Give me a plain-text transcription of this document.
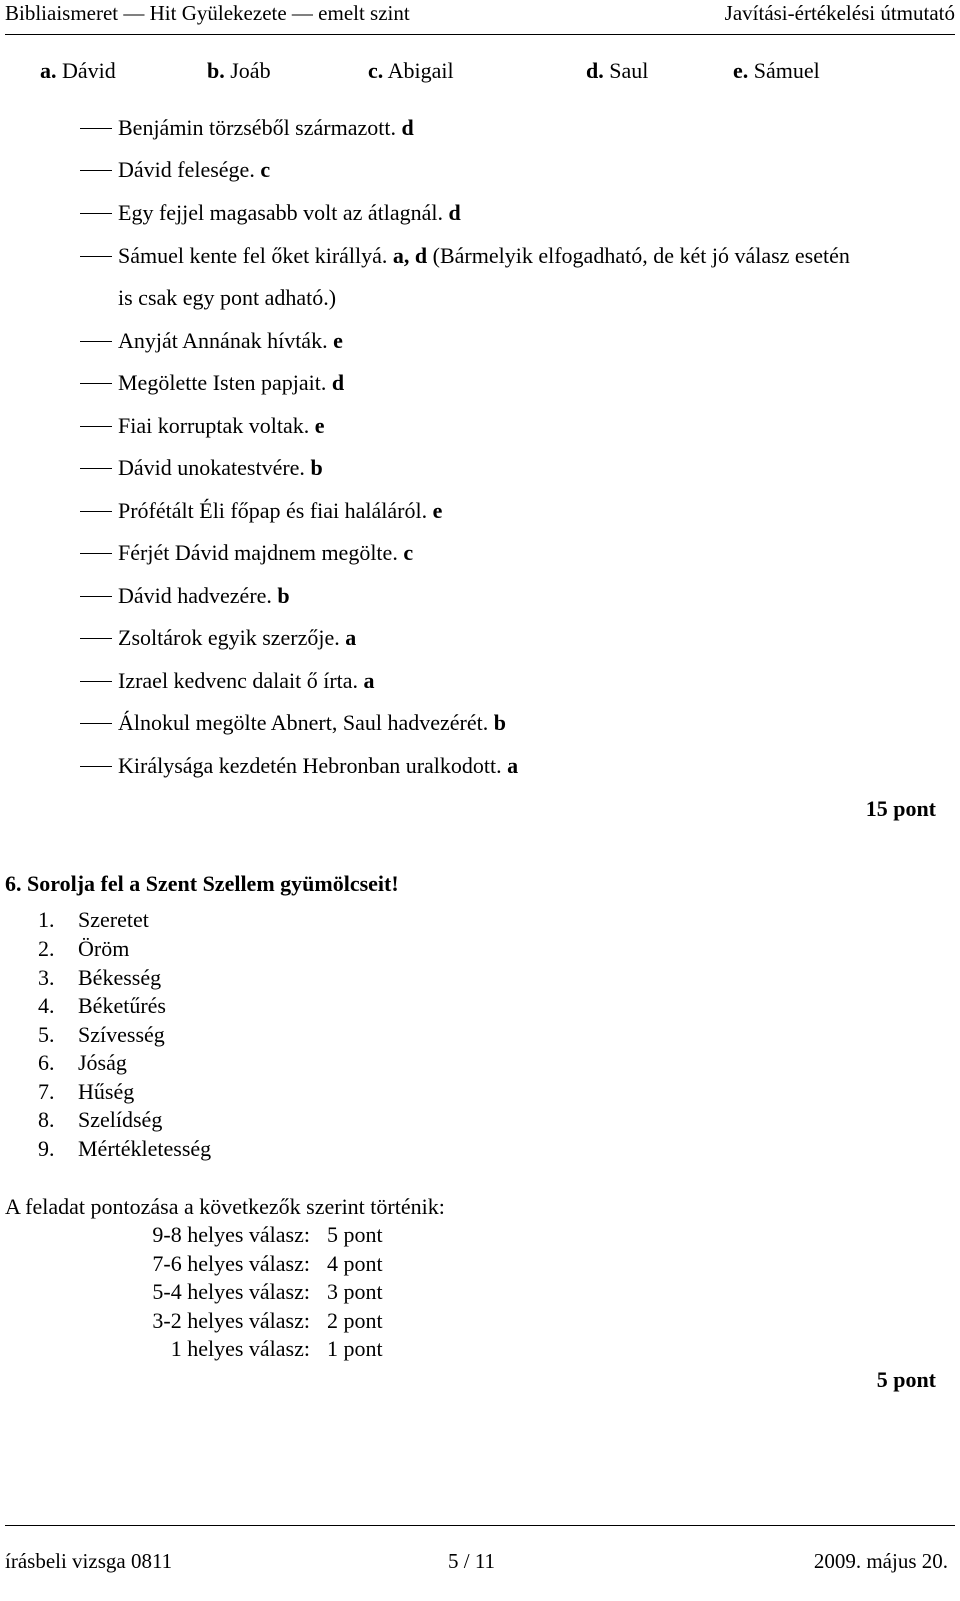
Bibliaismeret — Hit Gyülekezete — emelt szint	Javítási-értékelési útmutató
a. Dávid	b. Joáb	c. Abigail	d. Saul	e. Sámuel
Benjámin törzséből származott. d
Dávid felesége. c
Egy fejjel magasabb volt az átlagnál. d
Sámuel kente fel őket királlyá. a, d (Bármelyik elfogadható, de két jó válasz esetén
is csak egy pont adható.)
Anyját Annának hívták. e
Megölette Isten papjait. d
Fiai korruptak voltak. e
Dávid unokatestvére. b
Prófétált Éli főpap és fiai haláláról. e
Férjét Dávid majdnem megölte. c
Dávid hadvezére. b
Zsoltárok egyik szerzője. a
Izrael kedvenc dalait ő írta. a
Álnokul megölte Abnert, Saul hadvezérét. b
Királysága kezdetén Hebronban uralkodott. a
15 pont
6. Sorolja fel a Szent Szellem gyümölcseit!
1. Szeretet
2. Öröm
3. Békesség
4. Béketűrés
5. Szívesség
6. Jóság
7. Hűség
8. Szelídség
9. Mértékletesség
A feladat pontozása a következők szerint történik:
9-8 helyes válasz: 5 pont
7-6 helyes válasz: 4 pont
5-4 helyes válasz: 3 pont
3-2 helyes válasz: 2 pont
1 helyes válasz: 1 pont
5 pont
írásbeli vizsga 0811	5 / 11	2009. május 20.
